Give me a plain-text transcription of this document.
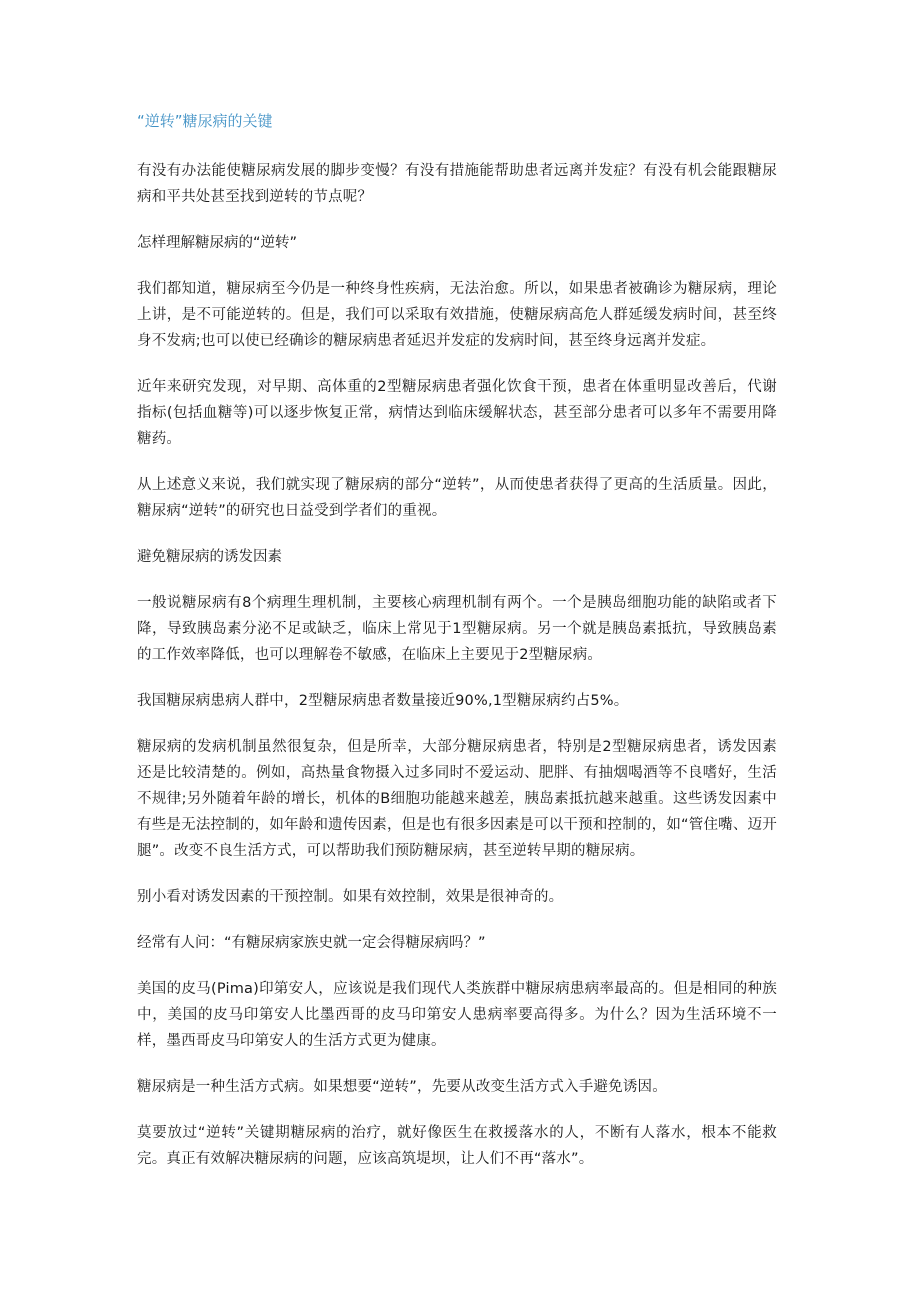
“逆转”糖尿病的关键

有没有办法能使糖尿病发展的脚步变慢？有没有措施能帮助患者远离并发症？有没有机会能跟糖尿病和平共处甚至找到逆转的节点呢？

怎样理解糖尿病的“逆转”

我们都知道，糖尿病至今仍是一种终身性疾病，无法治愈。所以，如果患者被确诊为糖尿病，理论上讲，是不可能逆转的。但是，我们可以采取有效措施，使糖尿病高危人群延缓发病时间，甚至终身不发病;也可以使已经确诊的糖尿病患者延迟并发症的发病时间，甚至终身远离并发症。

近年来研究发现，对早期、高体重的2型糖尿病患者强化饮食干预，患者在体重明显改善后，代谢指标(包括血糖等)可以逐步恢复正常，病情达到临床缓解状态，甚至部分患者可以多年不需要用降糖药。

从上述意义来说，我们就实现了糖尿病的部分“逆转”，从而使患者获得了更高的生活质量。因此，糖尿病“逆转”的研究也日益受到学者们的重视。

避免糖尿病的诱发因素

一般说糖尿病有8个病理生理机制，主要核心病理机制有两个。一个是胰岛细胞功能的缺陷或者下降，导致胰岛素分泌不足或缺乏，临床上常见于1型糖尿病。另一个就是胰岛素抵抗，导致胰岛素的工作效率降低，也可以理解卷不敏感，在临床上主要见于2型糖尿病。

我国糖尿病患病人群中，2型糖尿病患者数量接近90%,1型糖尿病约占5%。

糖尿病的发病机制虽然很复杂，但是所幸，大部分糖尿病患者，特别是2型糖尿病患者，诱发因素还是比较清楚的。例如，高热量食物摄入过多同时不爱运动、肥胖、有抽烟喝酒等不良嗜好，生活不规律;另外随着年龄的增长，机体的B细胞功能越来越差，胰岛素抵抗越来越重。这些诱发因素中有些是无法控制的，如年龄和遗传因素，但是也有很多因素是可以干预和控制的，如“管住嘴、迈开腿”。改变不良生活方式，可以帮助我们预防糖尿病，甚至逆转早期的糖尿病。

别小看对诱发因素的干预控制。如果有效控制，效果是很神奇的。

经常有人问：“有糖尿病家族史就一定会得糖尿病吗？”

美国的皮马(Pima)印第安人，应该说是我们现代人类族群中糖尿病患病率最高的。但是相同的种族中，美国的皮马印第安人比墨西哥的皮马印第安人患病率要高得多。为什么？因为生活环境不一样，墨西哥皮马印第安人的生活方式更为健康。

糖尿病是一种生活方式病。如果想要“逆转”，先要从改变生活方式入手避免诱因。

莫要放过“逆转”关键期糖尿病的治疗，就好像医生在救援落水的人，不断有人落水，根本不能救完。真正有效解决糖尿病的问题，应该高筑堤坝，让人们不再“落水”。
